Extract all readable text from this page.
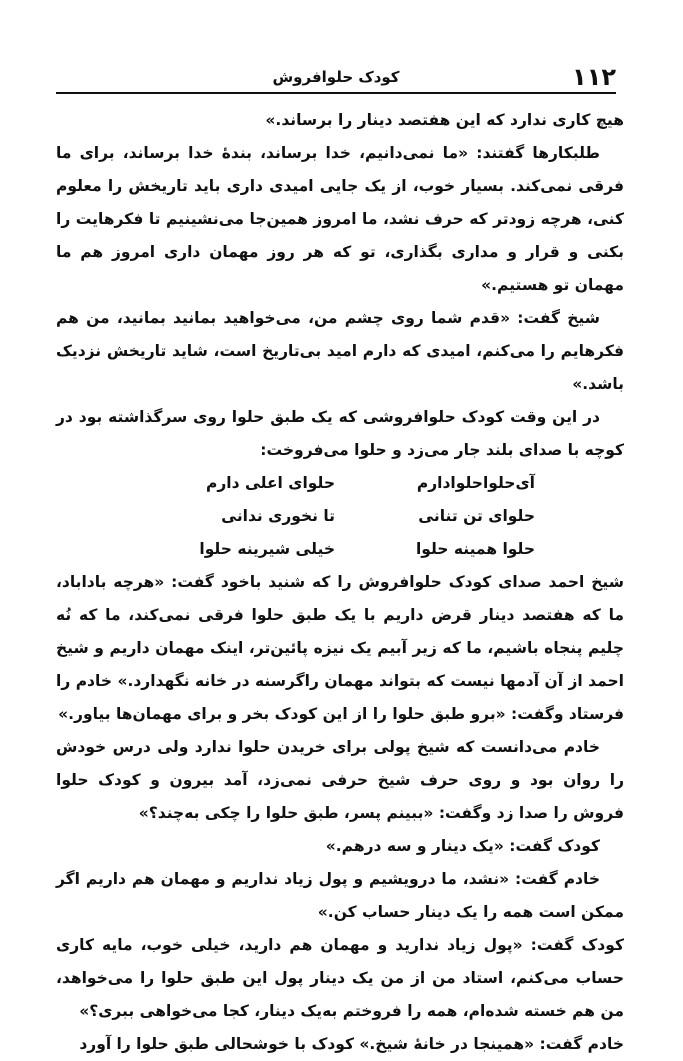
۱۱۲
کودک حلوافروش

هیچ کاری ندارد که این هفتصد دینار را برساند.»

طلبکارها گفتند: «ما نمی‌دانیم، خدا برساند، بندهٔ خدا برساند، برای ما فرقی نمی‌کند. بسیار خوب، از یک جایی امیدی داری باید تاریخش را معلوم کنی، هرچه زودتر که حرف نشد، ما امروز همین‌جا می‌نشینیم تا فکرهایت را بکنی و قرار و مداری بگذاری، تو که هر روز مهمان داری امروز هم ما مهمان تو هستیم.»

شیخ گفت: «قدم شما روی چشم من، می‌خواهید بمانید بمانید، من هم فکرهایم را می‌کنم، امیدی که دارم امید بی‌تاریخ است، شاید تاریخش نزدیک باشد.»

در این وقت کودک حلوافروشی که یک طبق حلوا روی سرگذاشته بود در کوچه با صدای بلند جار می‌زد و حلوا می‌فروخت:

آی‌حلواحلوادارم
حلوای اعلی دارم
حلوای تن تنانی
تا نخوری ندانی
حلوا همینه حلوا
خیلی شیرینه حلوا

شیخ احمد صدای کودک حلوافروش را که شنید باخود گفت: «هرچه باداباد، ما که هفتصد دینار قرض داریم با یک طبق حلوا فرقی نمی‌کند، ما که نُه چلیم پنجاه باشیم، ما که زیر آبیم یک نیزه پائین‌تر، اینک مهمان داریم و شیخ احمد از آن آدمها نیست که بتواند مهمان راگرسنه در خانه نگهدارد.» خادم را فرستاد وگفت: «برو طبق حلوا را از این کودک بخر و برای مهمان‌ها بیاور.»

خادم می‌دانست که شیخ پولی برای خریدن حلوا ندارد ولی درس خودش را روان بود و روی حرف شیخ حرفی نمی‌زد، آمد بیرون و کودک حلوا فروش را صدا زد وگفت: «ببینم پسر، طبق حلوا را چکی به‌چند؟»

کودک گفت: «یک دینار و سه درهم.»

خادم گفت: «نشد، ما درویشیم و پول زیاد نداریم و مهمان هم داریم اگر ممکن است همه را یک دینار حساب کن.»

کودک گفت: «پول زیاد ندارید و مهمان هم دارید، خیلی خوب، مایه کاری حساب می‌کنم، استاد من از من یک دینار پول این طبق حلوا را می‌خواهد، من هم خسته شده‌ام، همه را فروختم به‌یک دینار، کجا می‌خواهی ببری؟»

خادم گفت: «همینجا در خانهٔ شیخ.» کودک با خوشحالی طبق حلوا را آورد
